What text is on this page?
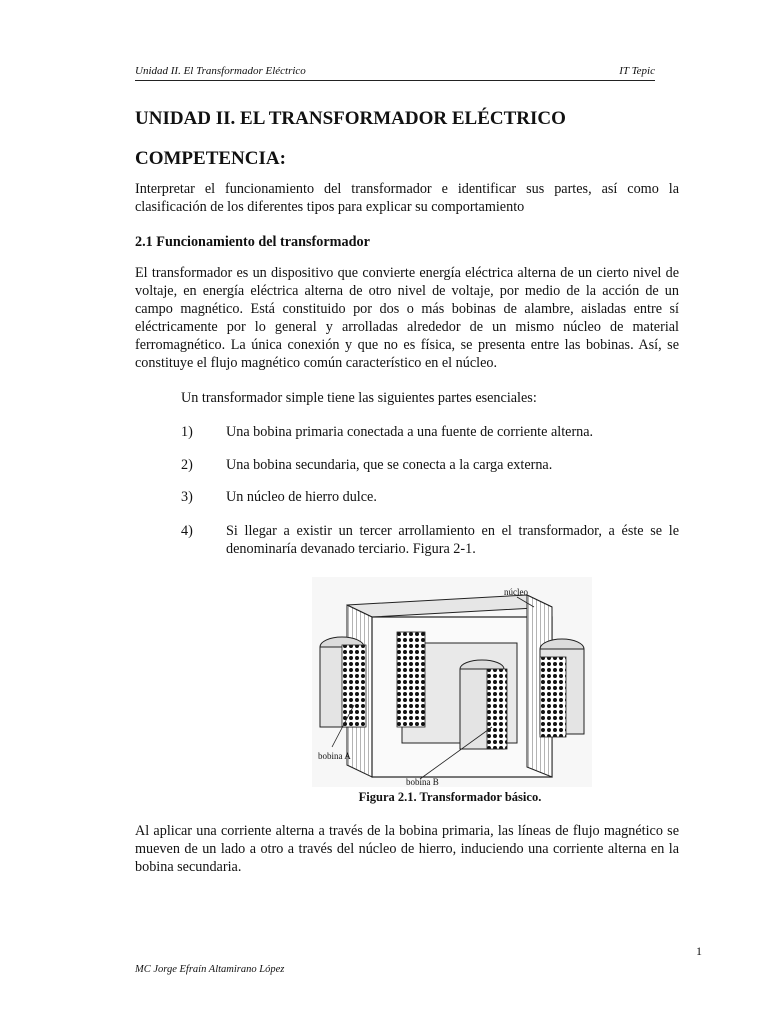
Unidad II. El Transformador Eléctrico	IT Tepic
UNIDAD II. EL TRANSFORMADOR ELÉCTRICO
COMPETENCIA:
Interpretar el funcionamiento del transformador e identificar sus partes, así como la clasificación de los diferentes tipos para explicar su comportamiento
2.1 Funcionamiento del transformador
El transformador es un dispositivo que convierte energía eléctrica alterna de un cierto nivel de voltaje, en energía eléctrica alterna de otro nivel de voltaje, por medio de la acción de un campo magnético. Está constituido por dos o más bobinas de alambre, aisladas entre sí eléctricamente por lo general y arrolladas alrededor de un mismo núcleo de material ferromagnético. La única conexión y que no es física, se presenta entre las bobinas. Así, se constituye el flujo magnético común característico en el núcleo.
Un transformador simple tiene las siguientes partes esenciales:
1) Una bobina primaria conectada a una fuente de corriente alterna.
2) Una bobina secundaria, que se conecta a la carga externa.
3) Un núcleo de hierro dulce.
4) Si llegar a existir un tercer arrollamiento en el transformador, a éste se le denominaría devanado terciario. Figura 2-1.
núcleo
bobina A
bobina B
Figura 2.1. Transformador básico.
Al aplicar una corriente alterna a través de la bobina primaria, las líneas de flujo magnético se mueven de un lado a otro a través del núcleo de hierro, induciendo una corriente alterna en la bobina secundaria.
1
MC Jorge Efraín Altamirano López
